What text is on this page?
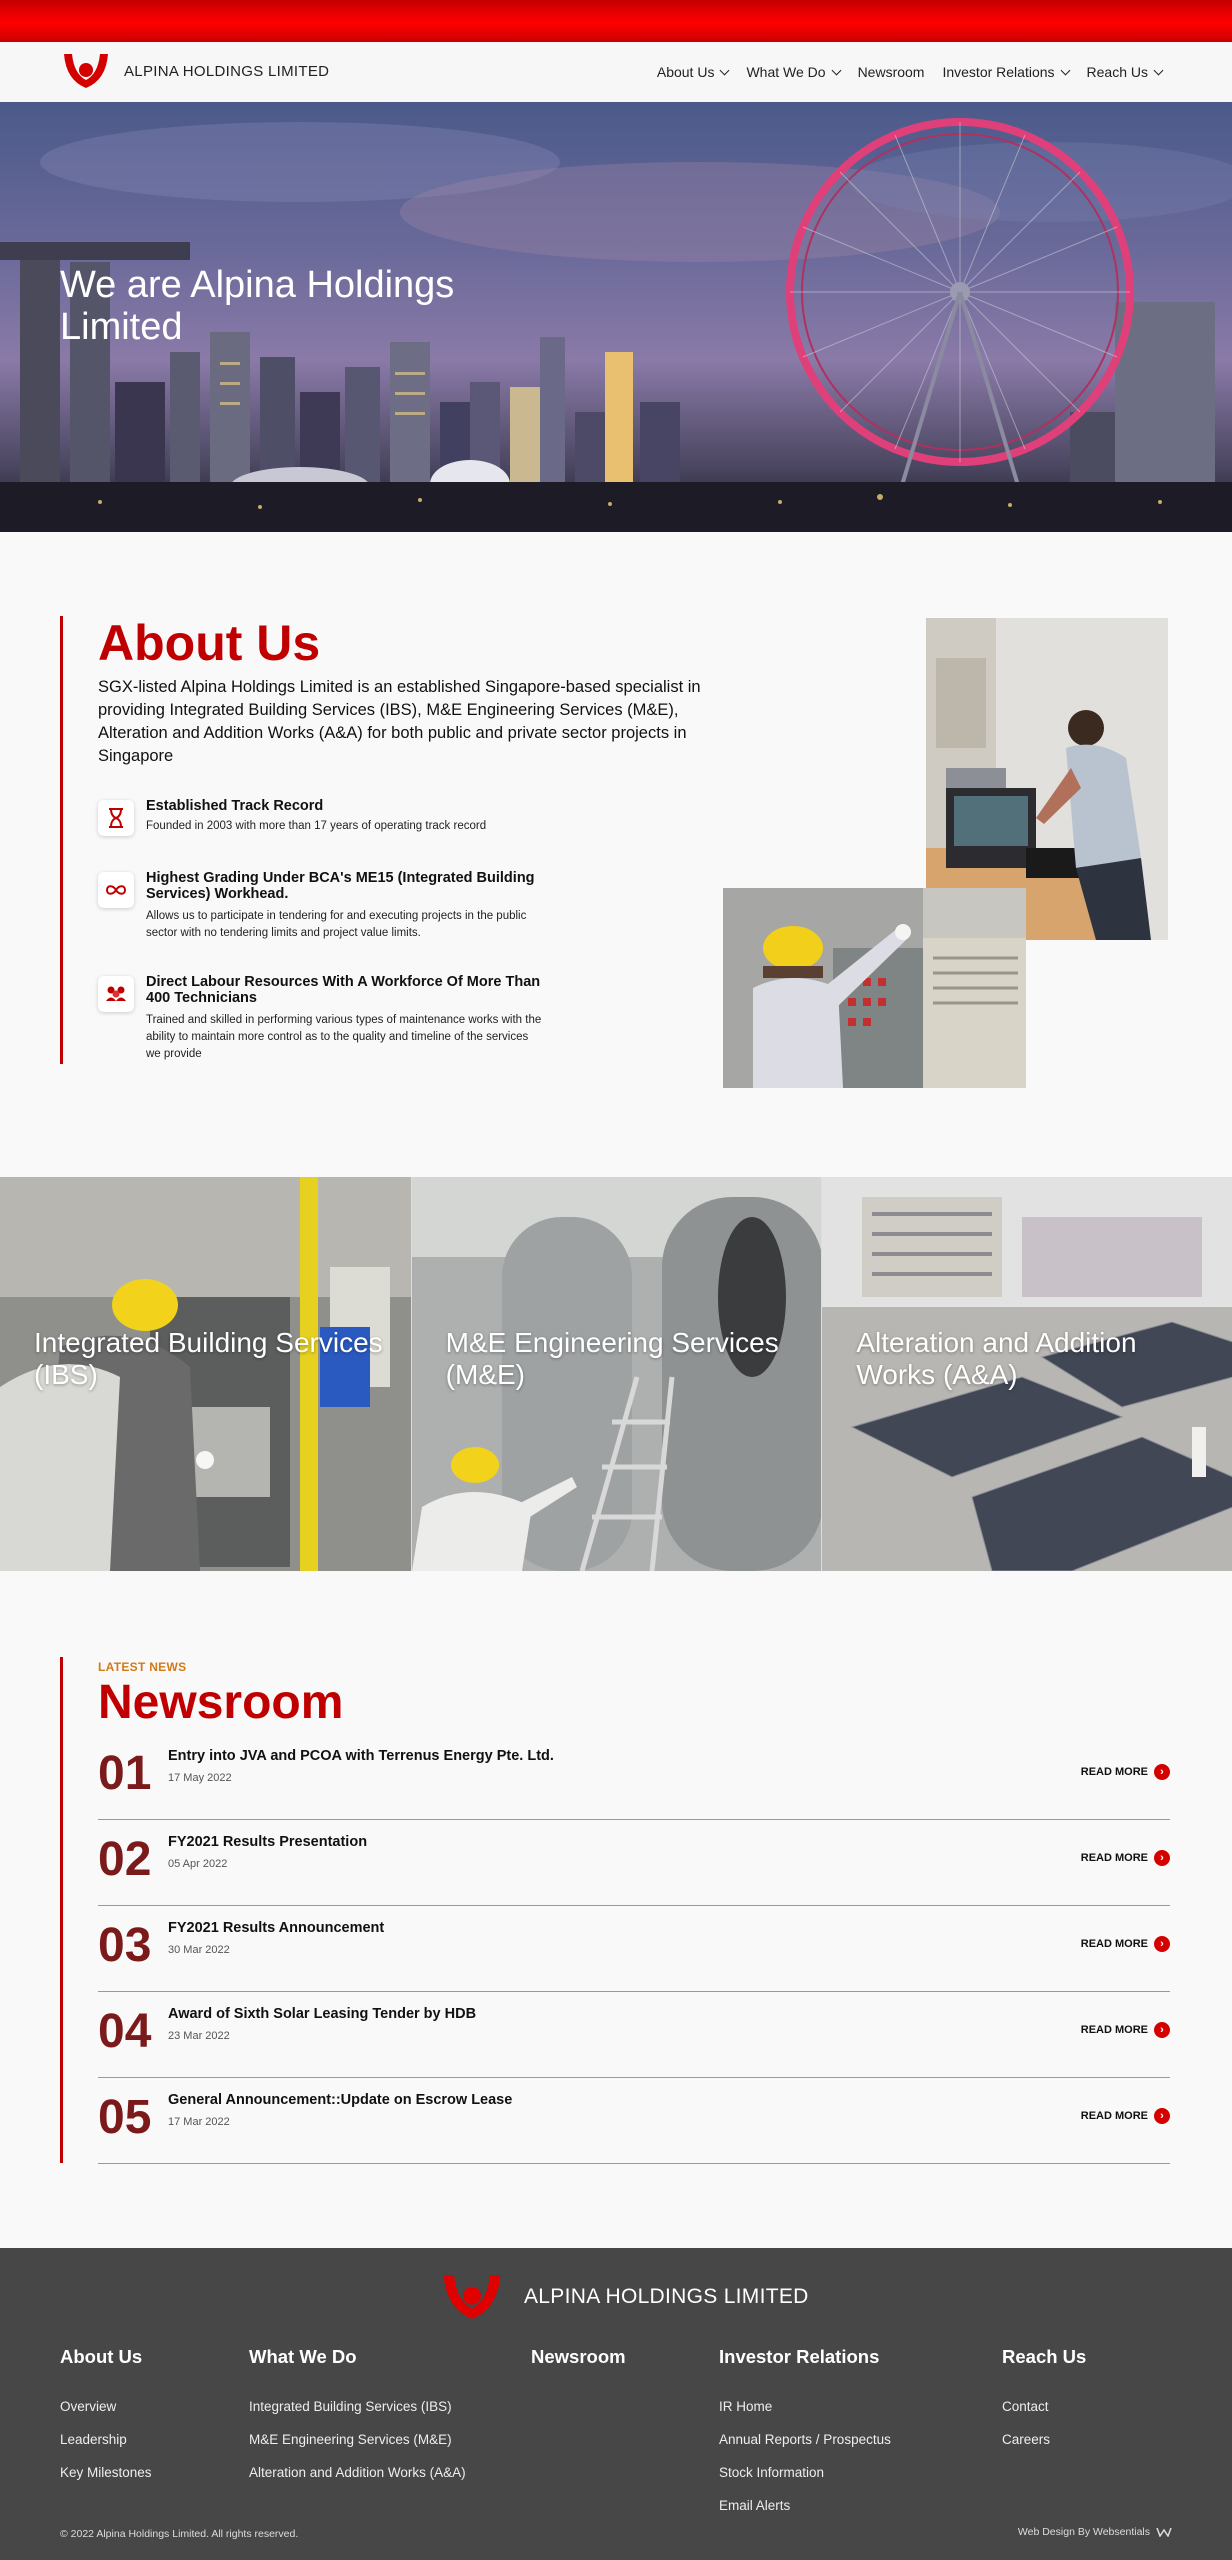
ALPINA HOLDINGS LIMITED	About Us What We Do Newsroom Investor Relations Reach Us
We are Alpina Holdings Limited
About Us

SGX-listed Alpina Holdings Limited is an established Singapore-based specialist in providing Integrated Building Services (IBS), M&E Engineering Services (M&E), Alteration and Addition Works (A&A) for both public and private sector projects in Singapore

Established Track Record
Founded in 2003 with more than 17 years of operating track record
Highest Grading Under BCA's ME15 (Integrated Building Services) Workhead.
Allows us to participate in tendering for and executing projects in the public sector with no tendering limits and project value limits.
Direct Labour Resources With A Workforce Of More Than 400 Technicians
Trained and skilled in performing various types of maintenance works with the ability to maintain more control as to the quality and timeline of the services we provide
Integrated Building Services (IBS)
M&E Engineering Services (M&E)
Alteration and Addition Works (A&A)
LATEST NEWS
Newsroom
01 Entry into JVA and PCOA with Terrenus Energy Pte. Ltd.
17 May 2022	READ MORE	›
02 FY2021 Results Presentation
05 Apr 2022	READ MORE	›
03 FY2021 Results Announcement
30 Mar 2022	READ MORE	›
04 Award of Sixth Solar Leasing Tender by HDB
23 Mar 2022	READ MORE	›
05 General Announcement::Update on Escrow Lease
17 Mar 2022	READ MORE	›
ALPINA HOLDINGS LIMITED
About Us
Overview
Leadership
Key Milestones
What We Do
Integrated Building Services (IBS)
M&E Engineering Services (M&E)
Alteration and Addition Works (A&A)
Newsroom	Investor Relations
IR Home
Annual Reports / Prospectus
Stock Information
Email Alerts
Reach Us
Contact
Careers
© 2022 Alpina Holdings Limited. All rights reserved.	Web Design By Websentials
